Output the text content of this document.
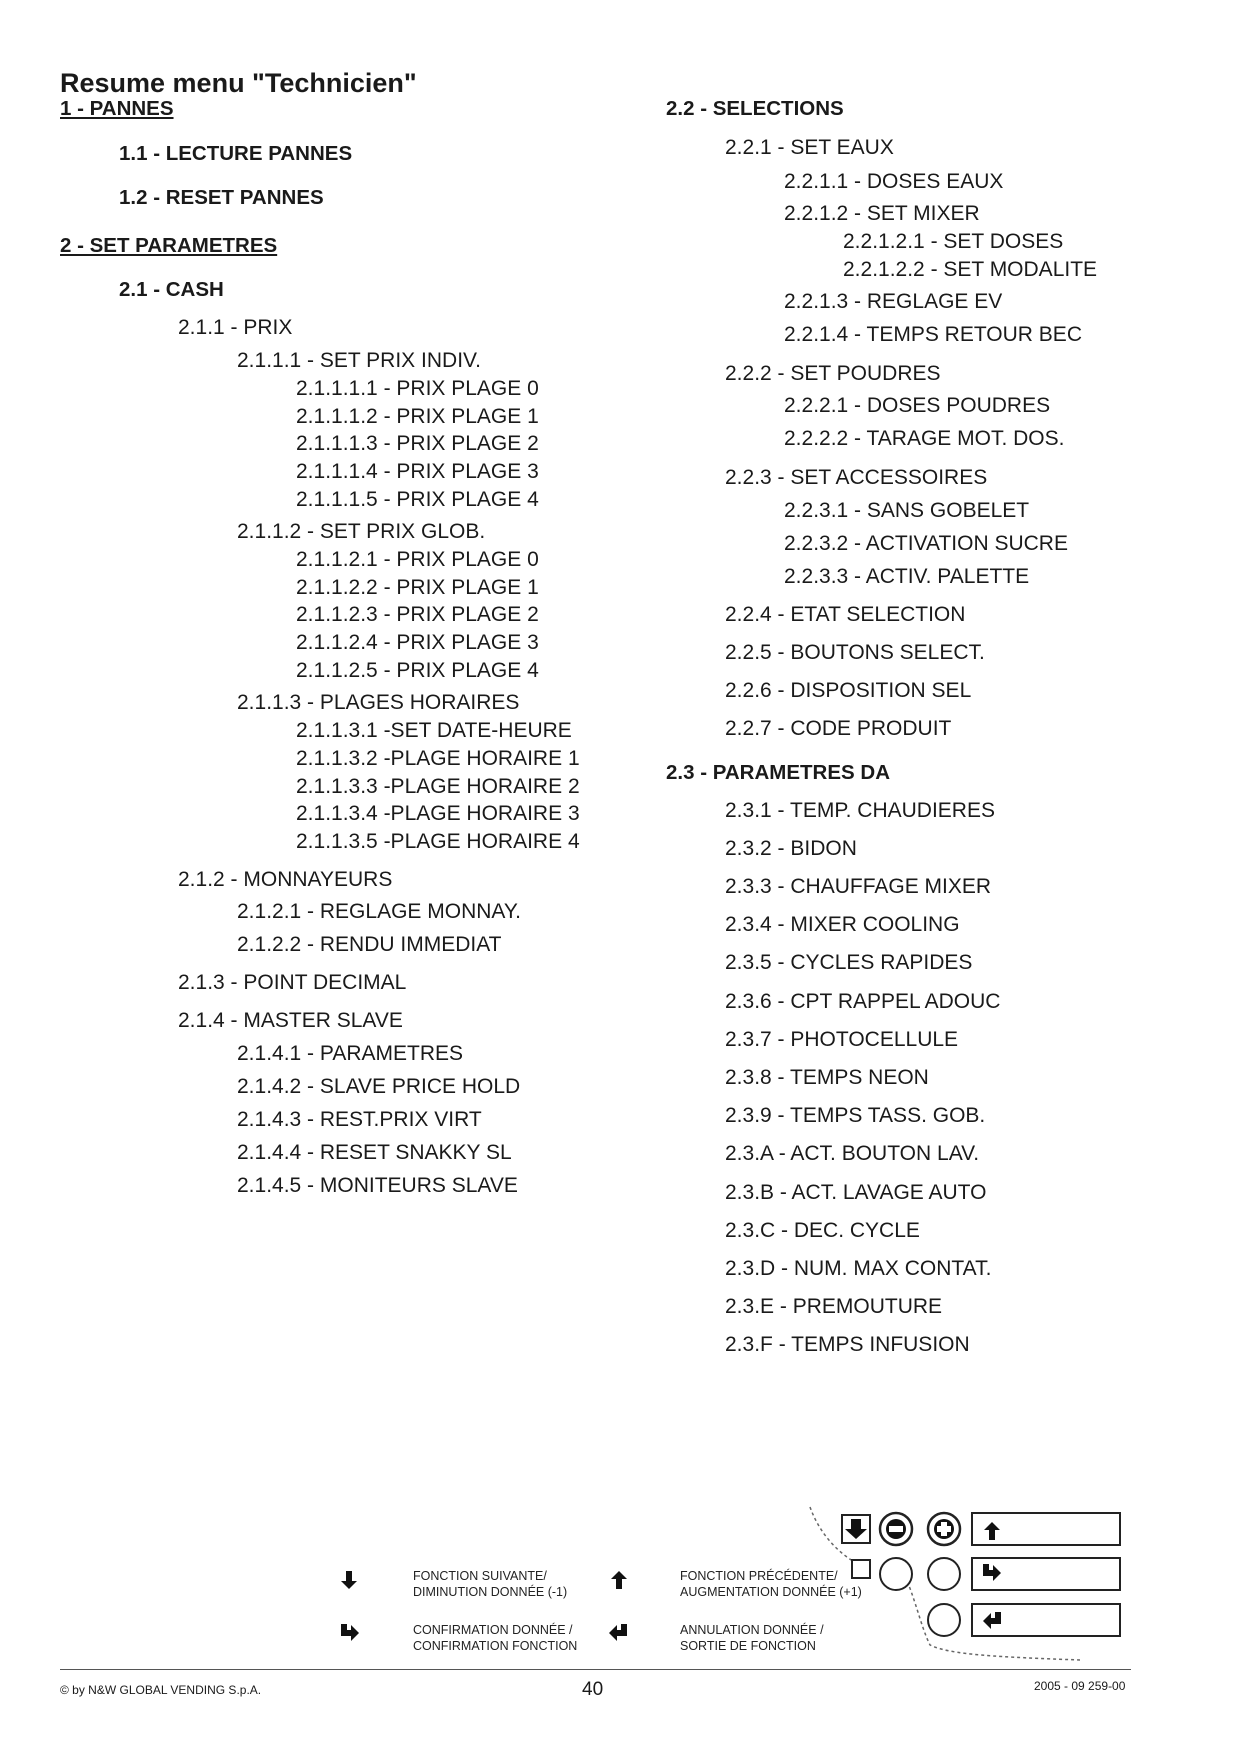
Resume menu "Technicien"
1 - PANNES
1.1 - LECTURE PANNES
1.2 - RESET PANNES
2 - SET PARAMETRES
2.1 - CASH
2.1.1 - PRIX
2.1.1.1 - SET PRIX INDIV.
2.1.1.1.1 - PRIX PLAGE 0
2.1.1.1.2 - PRIX PLAGE 1
2.1.1.1.3 - PRIX PLAGE 2
2.1.1.1.4 - PRIX PLAGE 3
2.1.1.1.5 - PRIX PLAGE 4
2.1.1.2 - SET PRIX GLOB.
2.1.1.2.1 - PRIX PLAGE 0
2.1.1.2.2 - PRIX PLAGE 1
2.1.1.2.3 - PRIX PLAGE 2
2.1.1.2.4 - PRIX PLAGE 3
2.1.1.2.5 - PRIX PLAGE 4
2.1.1.3 - PLAGES HORAIRES
2.1.1.3.1 -SET DATE-HEURE
2.1.1.3.2 -PLAGE HORAIRE 1
2.1.1.3.3 -PLAGE HORAIRE 2
2.1.1.3.4 -PLAGE HORAIRE 3
2.1.1.3.5 -PLAGE HORAIRE 4
2.1.2 - MONNAYEURS
2.1.2.1 - REGLAGE MONNAY.
2.1.2.2 - RENDU IMMEDIAT
2.1.3 - POINT DECIMAL
2.1.4 - MASTER SLAVE
2.1.4.1 - PARAMETRES
2.1.4.2 - SLAVE PRICE HOLD
2.1.4.3 - REST.PRIX VIRT
2.1.4.4 - RESET SNAKKY SL
2.1.4.5 - MONITEURS SLAVE
2.2 - SELECTIONS
2.2.1 - SET EAUX
2.2.1.1 - DOSES EAUX
2.2.1.2 - SET MIXER
2.2.1.2.1 - SET DOSES
2.2.1.2.2 - SET MODALITE
2.2.1.3 - REGLAGE EV
2.2.1.4 - TEMPS RETOUR BEC
2.2.2 - SET POUDRES
2.2.2.1 - DOSES POUDRES
2.2.2.2 - TARAGE MOT. DOS.
2.2.3 - SET ACCESSOIRES
2.2.3.1 - SANS GOBELET
2.2.3.2 - ACTIVATION SUCRE
2.2.3.3 - ACTIV. PALETTE
2.2.4 - ETAT SELECTION
2.2.5 - BOUTONS SELECT.
2.2.6 - DISPOSITION SEL
2.2.7 - CODE PRODUIT
2.3 - PARAMETRES DA
2.3.1 - TEMP. CHAUDIERES
2.3.2 - BIDON
2.3.3 - CHAUFFAGE MIXER
2.3.4 - MIXER COOLING
2.3.5 - CYCLES RAPIDES
2.3.6 - CPT RAPPEL ADOUC
2.3.7 - PHOTOCELLULE
2.3.8 - TEMPS NEON
2.3.9 - TEMPS TASS. GOB.
2.3.A - ACT. BOUTON LAV.
2.3.B - ACT. LAVAGE AUTO
2.3.C - DEC. CYCLE
2.3.D - NUM. MAX CONTAT.
2.3.E - PREMOUTURE
2.3.F - TEMPS INFUSION
FONCTION SUIVANTE/
DIMINUTION DONNÉE (-1)
FONCTION PRÉCÉDENTE/
AUGMENTATION DONNÉE (+1)
CONFIRMATION DONNÉE /
CONFIRMATION FONCTION
ANNULATION DONNÉE /
SORTIE DE FONCTION
© by N&W GLOBAL VENDING S.p.A.	40	2005 - 09 259-00
